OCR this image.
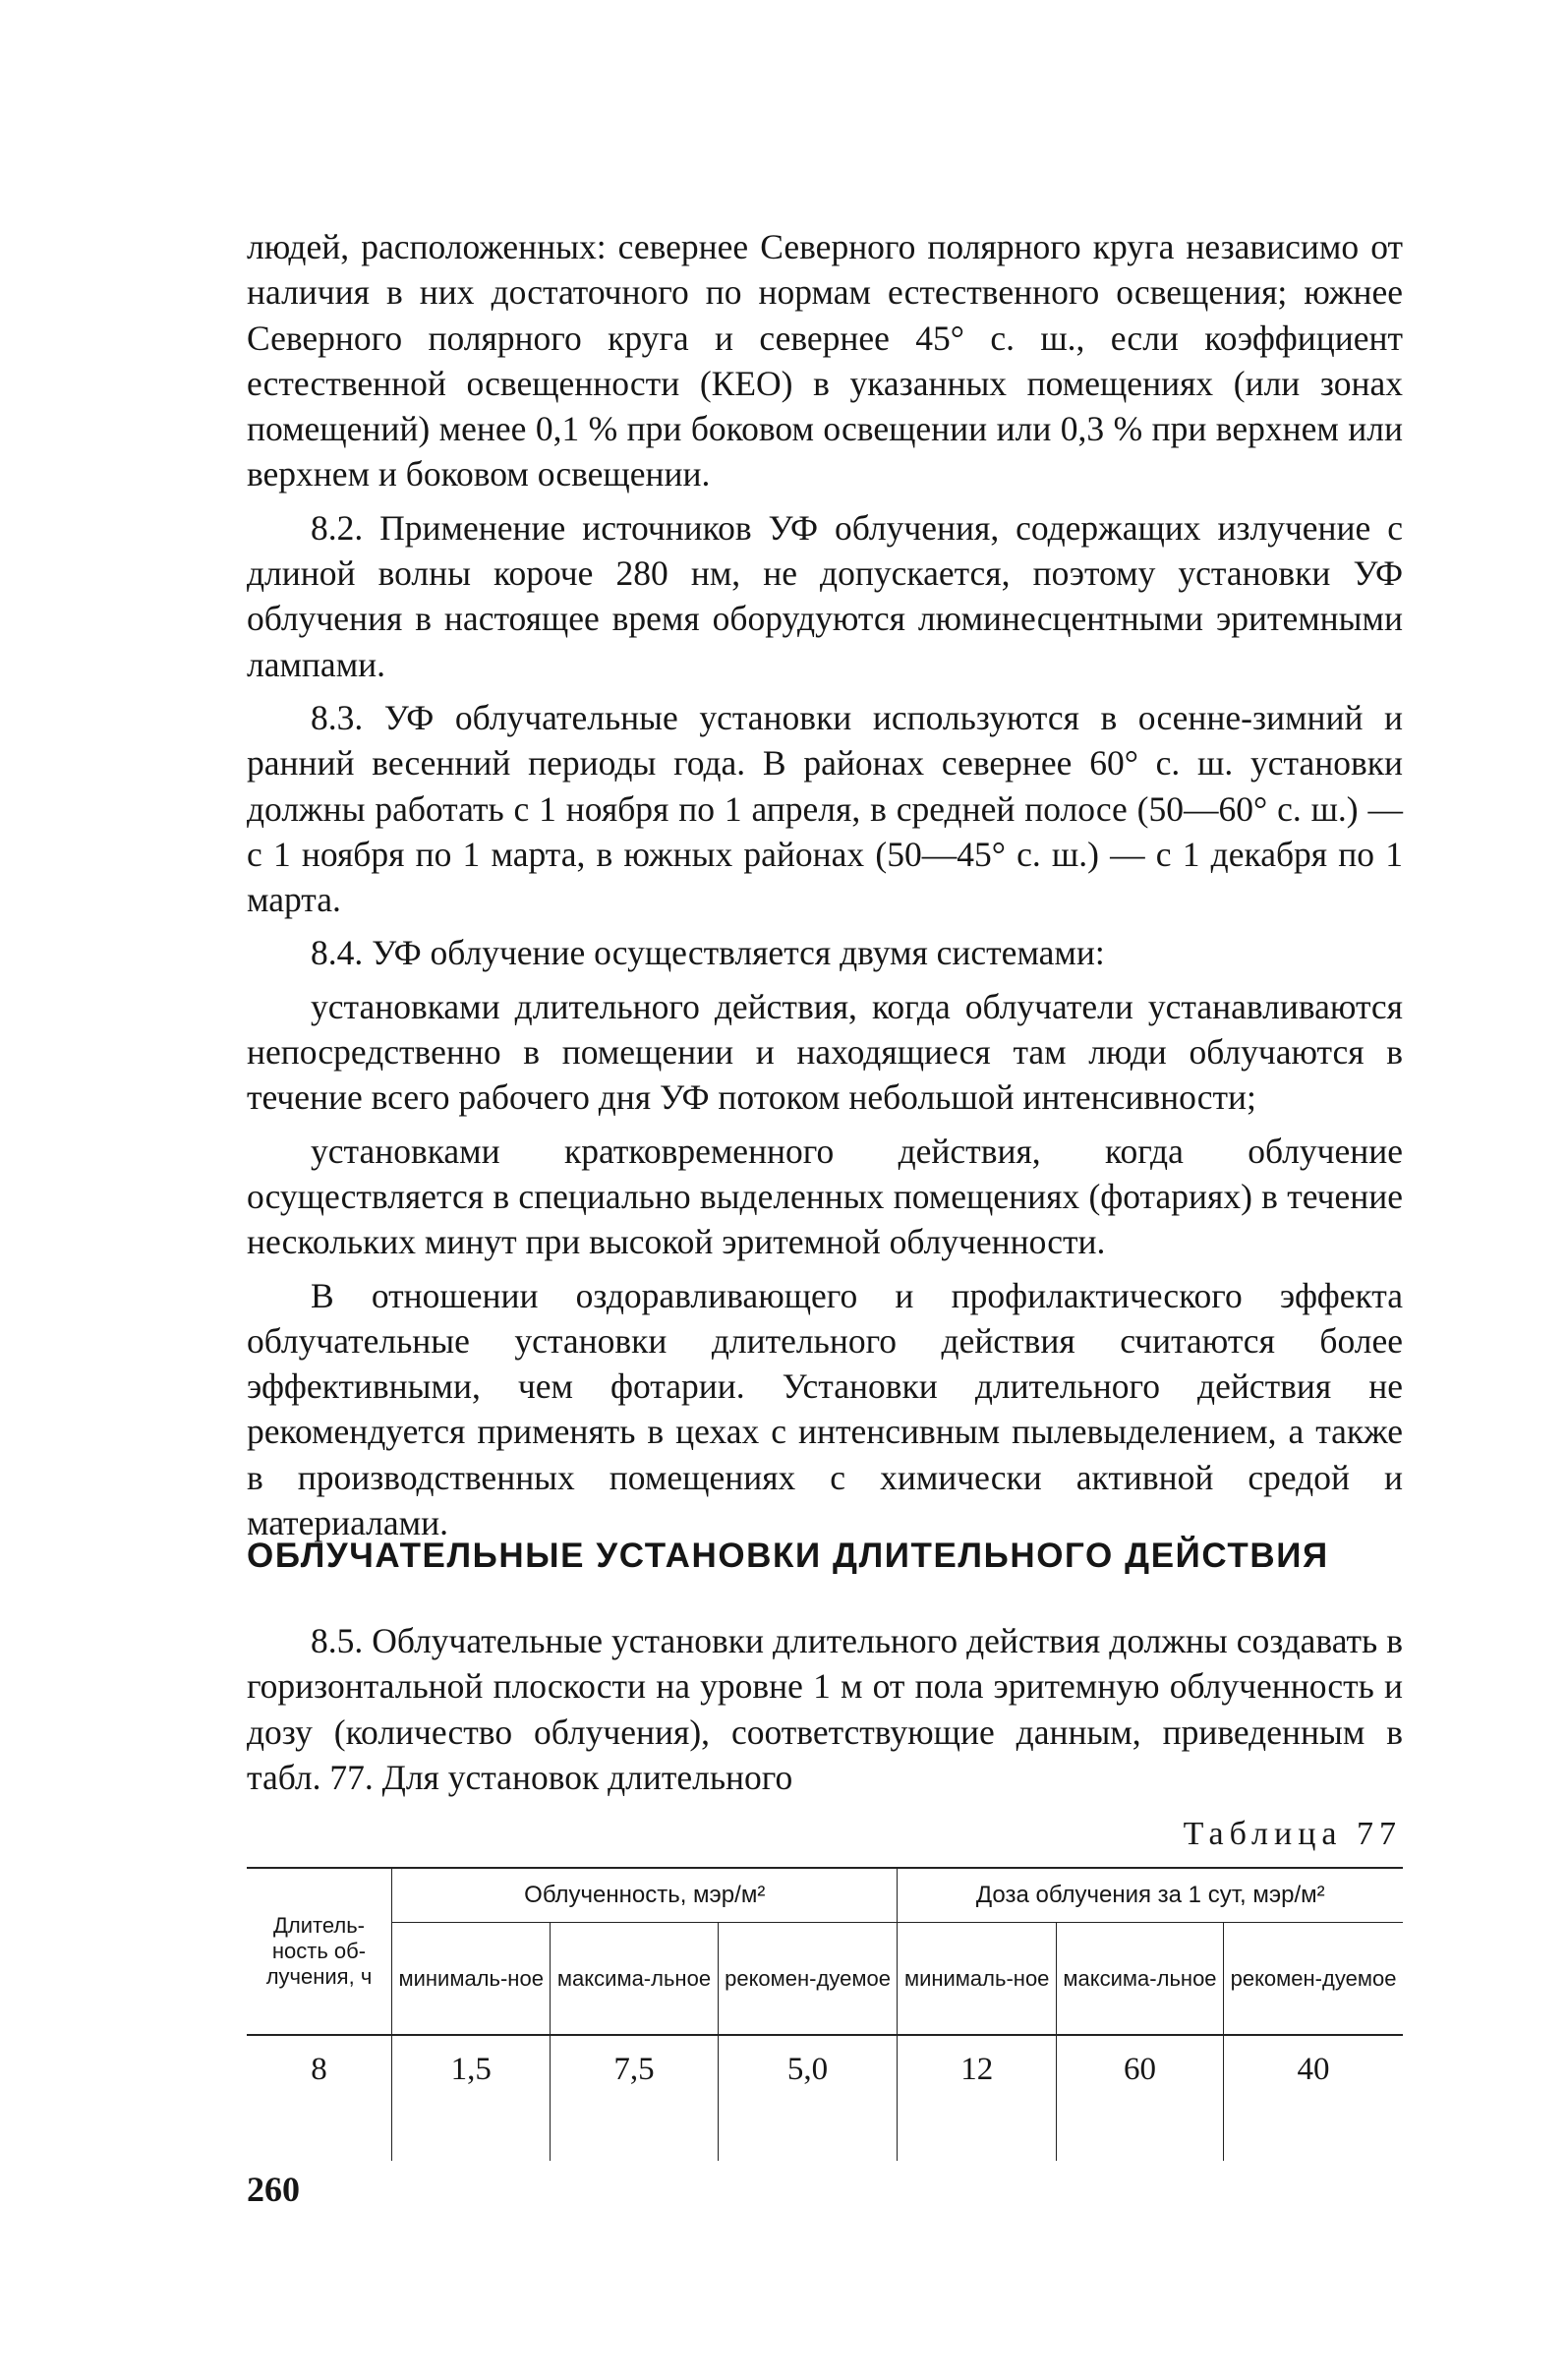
людей, расположенных: севернее Северного полярного круга независимо от наличия в них достаточного по нормам естественного освещения; южнее Северного полярного круга и севернее 45° с. ш., если коэффициент естественной освещенности (КЕО) в указанных помещениях (или зонах помещений) менее 0,1 % при боковом освещении или 0,3 % при верхнем или верхнем и боковом освещении.

8.2. Применение источников УФ облучения, содержащих излучение с длиной волны короче 280 нм, не допускается, поэтому установки УФ облучения в настоящее время оборудуются люминесцентными эритемными лампами.

8.3. УФ облучательные установки используются в осенне-зимний и ранний весенний периоды года. В районах севернее 60° с. ш. установки должны работать с 1 ноября по 1 апреля, в средней полосе (50—60° с. ш.) — с 1 ноября по 1 марта, в южных районах (50—45° с. ш.) — с 1 декабря по 1 марта.

8.4. УФ облучение осуществляется двумя системами:

установками длительного действия, когда облучатели устанавливаются непосредственно в помещении и находящиеся там люди облучаются в течение всего рабочего дня УФ потоком небольшой интенсивности;

установками кратковременного действия, когда облучение осуществляется в специально выделенных помещениях (фотариях) в течение нескольких минут при высокой эритемной облученности.

В отношении оздоравливающего и профилактического эффекта облучательные установки длительного действия считаются более эффективными, чем фотарии. Установки длительного действия не рекомендуется применять в цехах с интенсивным пылевыделением, а также в производственных помещениях с химически активной средой и материалами.

ОБЛУЧАТЕЛЬНЫЕ УСТАНОВКИ ДЛИТЕЛЬНОГО ДЕЙСТВИЯ

8.5. Облучательные установки длительного действия должны создавать в горизонтальной плоскости на уровне 1 м от пола эритемную облученность и дозу (количество облучения), соответствующие данным, приведенным в табл. 77. Для установок длительного

Таблица 77
Длитель-ность об-лучения, ч	Облученность, мэр/м²			Доза облучения за 1 сут, мэр/м²		
	минималь-ное	максима-льное	рекомен-дуемое	минималь-ное	максима-льное	рекомен-дуемое
8	1,5	7,5	5,0	12	60	40
260
